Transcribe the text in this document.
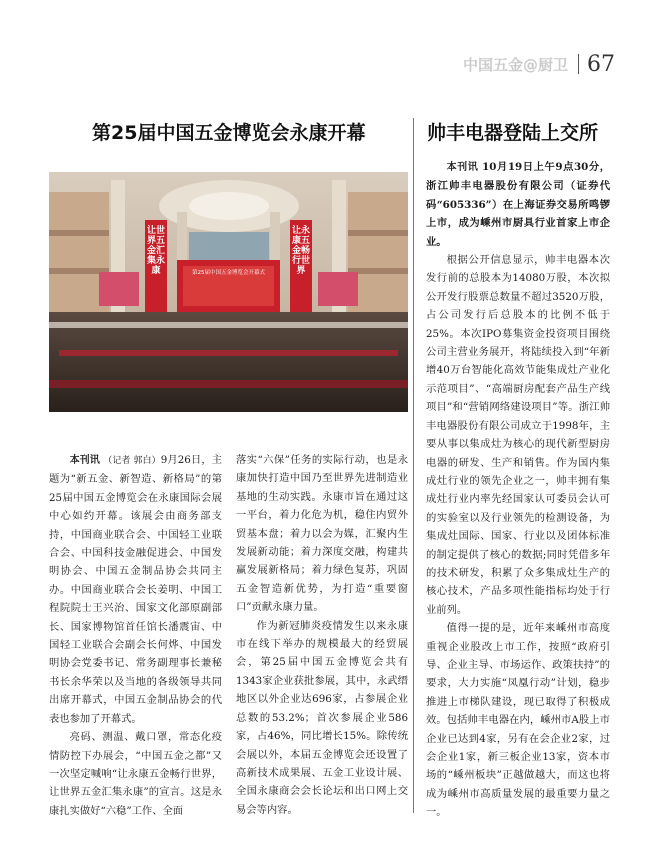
中国五金@厨卫 67
第25届中国五金博览会永康开幕	帅丰电器登陆上交所
让世界五金汇集永康
让永康五金畅行世界
第25届中国五金博览会开幕式

本刊讯 （记者 郭白）9月26日，主题为“新五金、新智造、新格局”的第25届中国五金博览会在永康国际会展中心如约开幕。该展会由商务部支持，中国商业联合会、中国轻工业联合会、中国科技金融促进会、中国发明协会、中国五金制品协会共同主办。中国商业联合会长姜明、中国工程院院士王兴治、国家文化部原副部长、国家博物馆首任馆长潘震宙、中国轻工业联合会副会长何烨、中国发明协会党委书记、常务副理事长兼秘书长余华荣以及当地的各级领导共同出席开幕式，中国五金制品协会的代表也参加了开幕式。

亮码、测温、戴口罩，常态化疫情防控下办展会，“中国五金之都”又一次坚定喊响“让永康五金畅行世界，让世界五金汇集永康”的宣言。这是永康扎实做好“六稳”工作、全面

落实“六保”任务的实际行动，也是永康加快打造中国乃至世界先进制造业基地的生动实践。永康市旨在通过这一平台，着力化危为机，稳住内贸外贸基本盘；着力以会为媒，汇聚内生发展新动能；着力深度交融，构建共赢发展新格局；着力绿色复苏，巩固五金智造新优势，为打造“重要窗口”贡献永康力量。

作为新冠肺炎疫情发生以来永康市在线下举办的规模最大的经贸展会，第25届中国五金博览会共有1343家企业获批参展，其中，永武缙地区以外企业达696家，占参展企业总数的53.2%；首次参展企业586家，占46%，同比增长15%。除传统会展以外，本届五金博览会还设置了高新技术成果展、五金工业设计展、全国永康商会会长论坛和出口网上交易会等内容。

本刊讯 10月19日上午9点30分，浙江帅丰电器股份有限公司（证券代码“605336”）在上海证券交易所鸣锣上市，成为嵊州市厨具行业首家上市企业。

根据公开信息显示，帅丰电器本次发行前的总股本为14080万股，本次拟公开发行股票总数量不超过3520万股，占公司发行后总股本的比例不低于25%。本次IPO募集资金投资项目围绕公司主营业务展开，将陆续投入到“年新增40万台智能化高效节能集成灶产业化示范项目”、“高端厨房配套产品生产线项目”和“营销网络建设项目”等。浙江帅丰电器股份有限公司成立于1998年，主要从事以集成灶为核心的现代新型厨房电器的研发、生产和销售。作为国内集成灶行业的领先企业之一，帅丰拥有集成灶行业内率先经国家认可委员会认可的实验室以及行业领先的检测设备，为集成灶国际、国家、行业以及团体标准的制定提供了核心的数据;同时凭借多年的技术研发，积累了众多集成灶生产的核心技术，产品多项性能指标均处于行业前列。

值得一提的是，近年来嵊州市高度重视企业股改上市工作，按照“政府引导、企业主导、市场运作、政策扶持”的要求，大力实施“凤凰行动”计划，稳步推进上市梯队建设，现已取得了积极成效。包括帅丰电器在内，嵊州市A股上市企业已达到4家，另有在会企业2家，过会企业1家，新三板企业13家，资本市场的“嵊州板块”正越做越大，而这也将成为嵊州市高质量发展的最重要力量之一。
